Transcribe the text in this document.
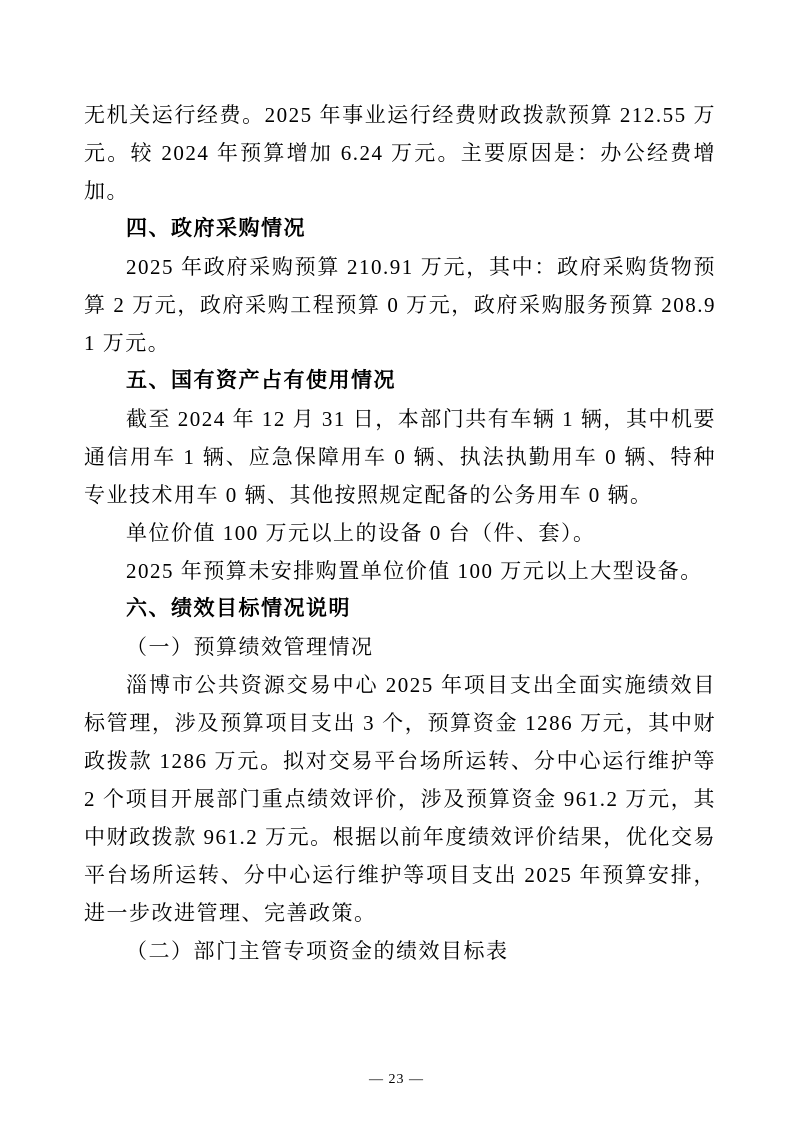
无机关运行经费。2025 年事业运行经费财政拨款预算 212.55 万元。较 2024 年预算增加 6.24 万元。主要原因是：办公经费增加。

四、政府采购情况

2025 年政府采购预算 210.91 万元，其中：政府采购货物预算 2 万元，政府采购工程预算 0 万元，政府采购服务预算 208.91 万元。

五、国有资产占有使用情况

截至 2024 年 12 月 31 日，本部门共有车辆 1 辆，其中机要通信用车 1 辆、应急保障用车 0 辆、执法执勤用车 0 辆、特种专业技术用车 0 辆、其他按照规定配备的公务用车 0 辆。

单位价值 100 万元以上的设备 0 台（件、套）。

2025 年预算未安排购置单位价值 100 万元以上大型设备。

六、绩效目标情况说明

（一）预算绩效管理情况

淄博市公共资源交易中心 2025 年项目支出全面实施绩效目标管理，涉及预算项目支出 3 个，预算资金 1286 万元，其中财政拨款 1286 万元。拟对交易平台场所运转、分中心运行维护等 2 个项目开展部门重点绩效评价，涉及预算资金 961.2 万元，其中财政拨款 961.2 万元。根据以前年度绩效评价结果，优化交易平台场所运转、分中心运行维护等项目支出 2025 年预算安排，进一步改进管理、完善政策。

（二）部门主管专项资金的绩效目标表

— 23 —
